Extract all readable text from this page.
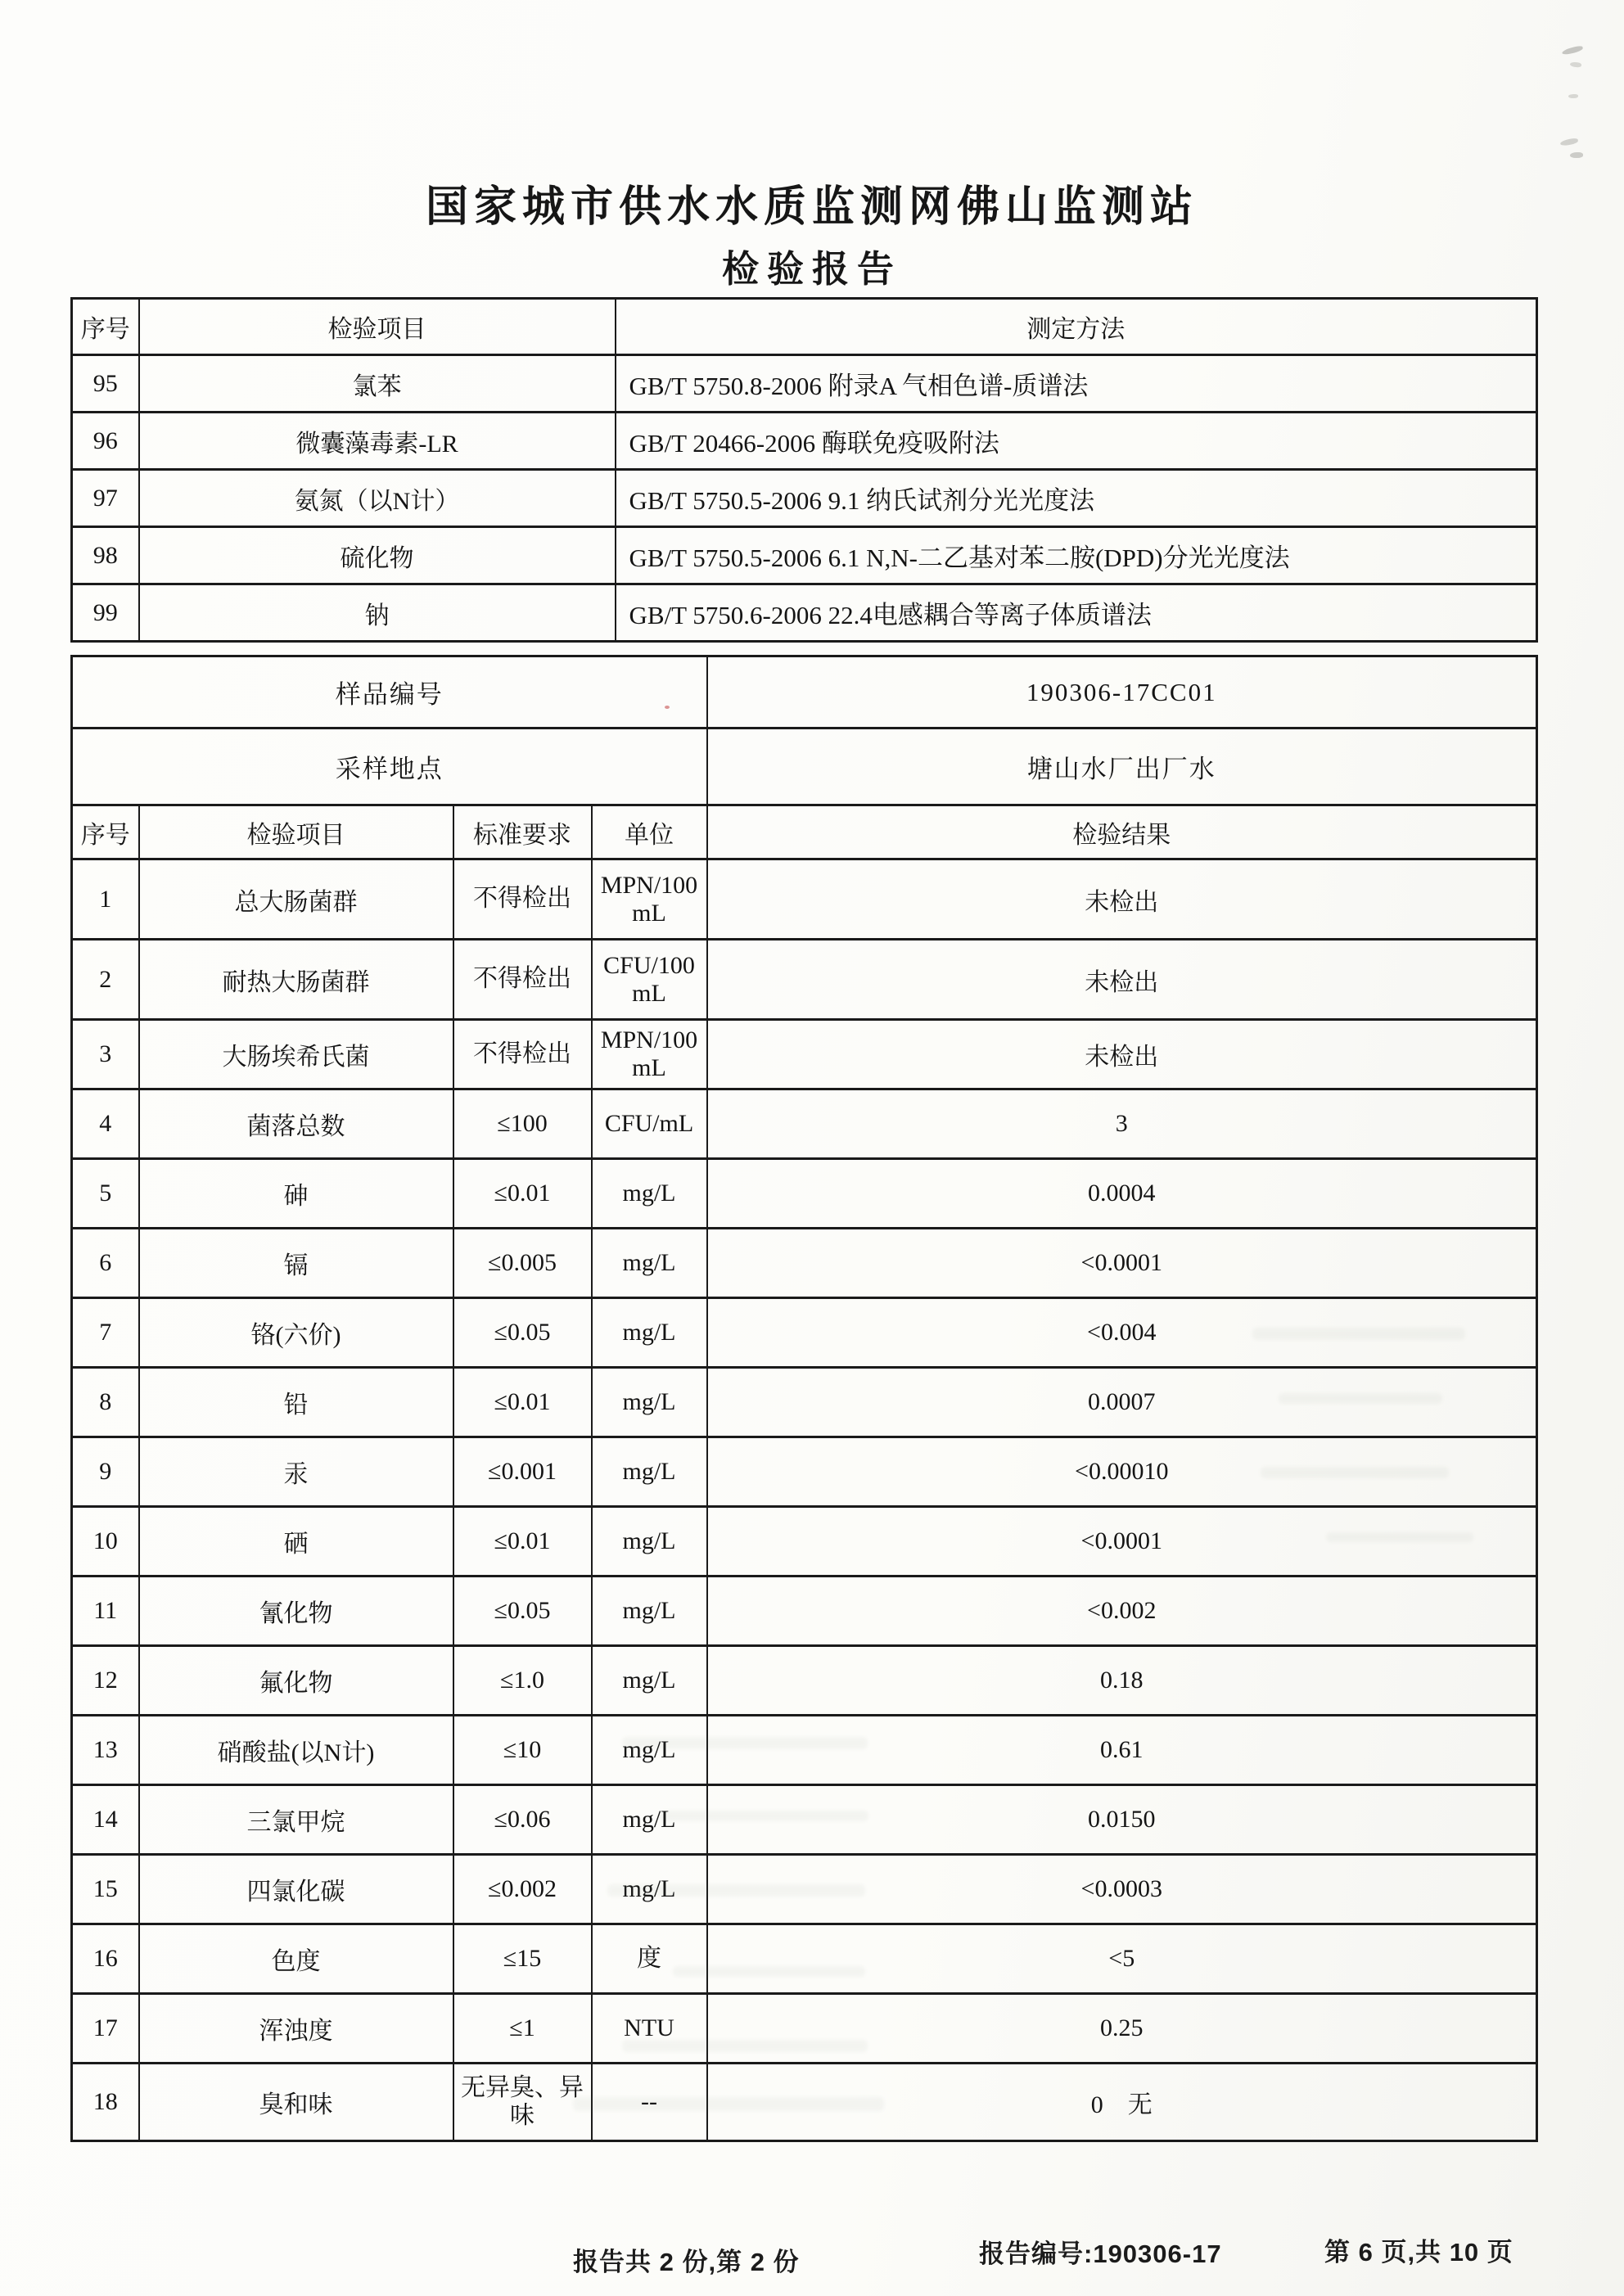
国家城市供水水质监测网佛山监测站
检验报告
序号	检验项目	测定方法
95	氯苯	GB/T 5750.8-2006 附录A 气相色谱-质谱法
96	微囊藻毒素-LR	GB/T 20466-2006 酶联免疫吸附法
97	氨氮（以N计）	GB/T 5750.5-2006 9.1 纳氏试剂分光光度法
98	硫化物	GB/T 5750.5-2006 6.1 N,N-二乙基对苯二胺(DPD)分光光度法
99	钠	GB/T 5750.6-2006 22.4电感耦合等离子体质谱法
样品编号				190306-17CC01
采样地点				塘山水厂出厂水
序号	检验项目	标准要求	单位	检验结果
1	总大肠菌群	不得检出	MPN/100mL	未检出
2	耐热大肠菌群	不得检出	CFU/100mL	未检出
3	大肠埃希氏菌	不得检出	MPN/100mL	未检出
4	菌落总数	≤100	CFU/mL	3
5	砷	≤0.01	mg/L	0.0004
6	镉	≤0.005	mg/L	<0.0001
7	铬(六价)	≤0.05	mg/L	<0.004
8	铅	≤0.01	mg/L	0.0007
9	汞	≤0.001	mg/L	<0.00010
10	硒	≤0.01	mg/L	<0.0001
11	氰化物	≤0.05	mg/L	<0.002
12	氟化物	≤1.0	mg/L	0.18
13	硝酸盐(以N计)	≤10	mg/L	0.61
14	三氯甲烷	≤0.06	mg/L	0.0150
15	四氯化碳	≤0.002	mg/L	<0.0003
16	色度	≤15	度	<5
17	浑浊度	≤1	NTU	0.25
18	臭和味	无异臭、异味	--	0　无
报告共 2 份,第 2 份	报告编号:190306-17	第 6 页,共 10 页
